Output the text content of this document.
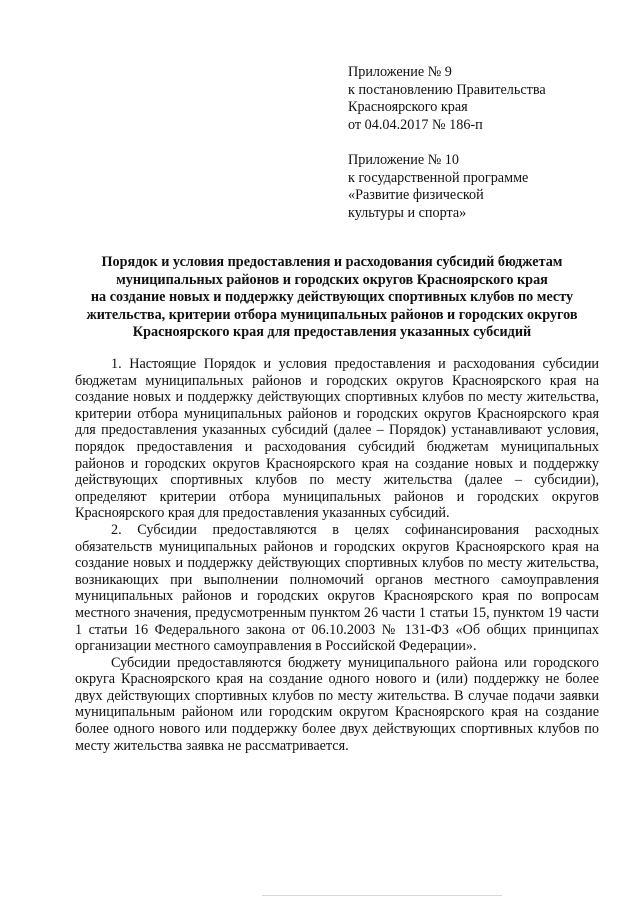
Приложение № 9
к постановлению Правительства
Красноярского края
от 04.04.2017 № 186-п
Приложение № 10
к государственной программе
«Развитие физической
культуры и спорта»
Порядок и условия предоставления и расходования субсидий бюджетам
муниципальных районов и городских округов Красноярского края
на создание новых и поддержку действующих спортивных клубов по месту
жительства, критерии отбора муниципальных районов и городских округов
Красноярского края для предоставления указанных субсидий

1. Настоящие Порядок и условия предоставления и расходования субсидии бюджетам муниципальных районов и городских округов Красноярского края на создание новых и поддержку действующих спортивных клубов по месту жительства, критерии отбора муниципальных районов и городских округов Красноярского края для предоставления указанных субсидий (далее – Порядок) устанавливают условия, порядок предоставления и расходования субсидий бюджетам муниципальных районов и городских округов Красноярского края на создание новых и поддержку действующих спортивных клубов по месту жительства (далее – субсидии), определяют критерии отбора муниципальных районов и городских округов Красноярского края для предоставления указанных субсидий.

2. Субсидии предоставляются в целях софинансирования расходных обязательств муниципальных районов и городских округов Красноярского края на создание новых и поддержку действующих спортивных клубов по месту жительства, возникающих при выполнении полномочий органов местного самоуправления муниципальных районов и городских округов Красноярского края по вопросам местного значения, предусмотренным пунктом 26 части 1 статьи 15, пунктом 19 части 1 статьи 16 Федерального закона от 06.10.2003 № 131-ФЗ «Об общих принципах организации местного самоуправления в Российской Федерации».

Субсидии предоставляются бюджету муниципального района или городского округа Красноярского края на создание одного нового и (или) поддержку не более двух действующих спортивных клубов по месту жительства. В случае подачи заявки муниципальным районом или городским округом Красноярского края на создание более одного нового или поддержку более двух действующих спортивных клубов по месту жительства заявка не рассматривается.
